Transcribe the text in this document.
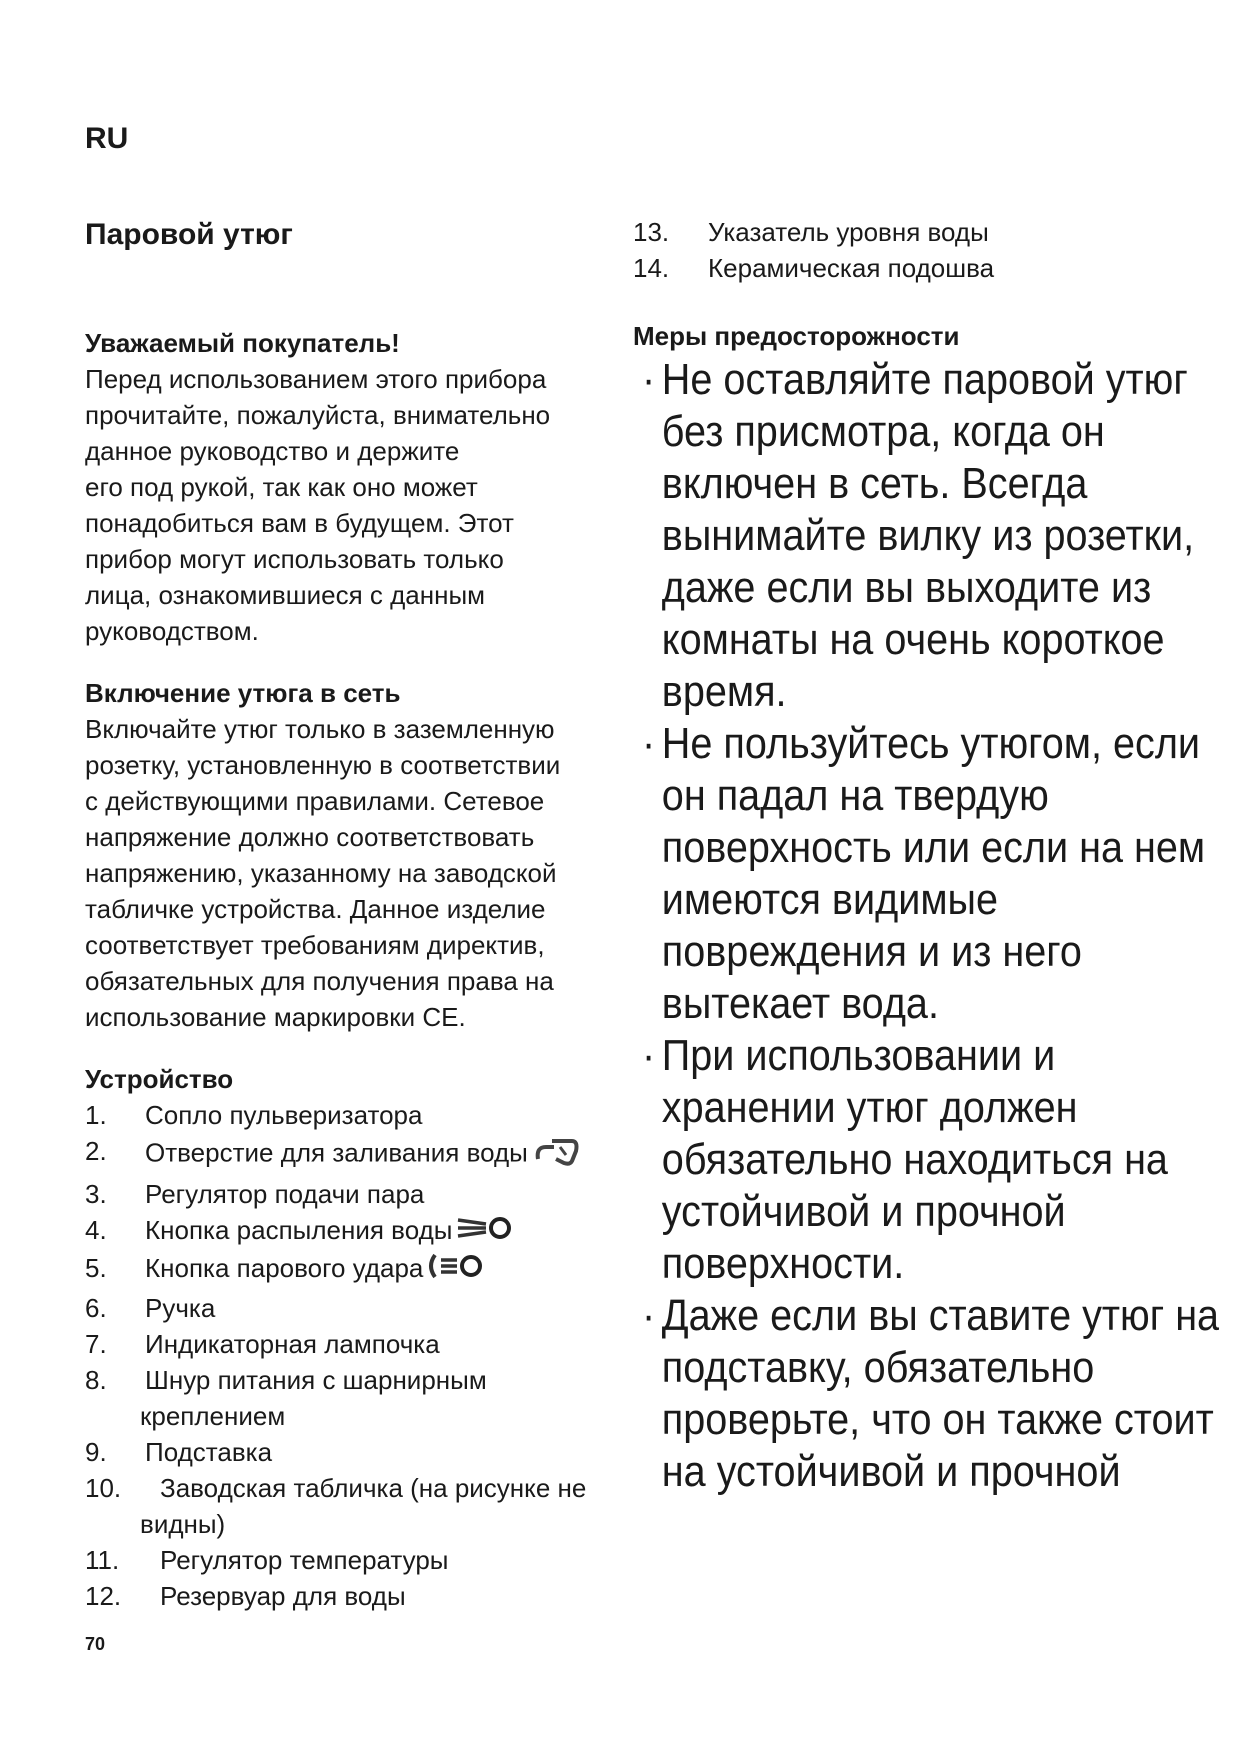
RU
Паровой утюг

Уважаемый покупатель!

Перед использованием этого прибора

прочитайте, пожалуйста, внимательно

данное руководство и держите

его под рукой, так как оно может

понадобиться вам в будущем. Этот

прибор могут использовать только

лица, ознакомившиеся с данным

руководством.

Включение утюга в сеть

Включайте утюг только в заземленную

розетку, установленную в соответствии

с действующими правилами. Сетевое

напряжение должно соответствовать

напряжению, указанному на заводской

табличке устройства. Данное изделие

соответствует требованиям директив,

обязательных для получения права на

использование маркировки CE.

Устройство

1.	Сопло пульверизатора
2.	Отверстие для заливания воды
3.	Регулятор подачи пара
4.	Кнопка распыления воды
5.	Кнопка парового удара
6.	Ручка
7.	Индикаторная лампочка
8.	Шнур питания с шарнирным
креплением
9.	Подставка
10.	Заводская табличка (на рисунке не
видны)
11.	Регулятор температуры
12.	Резервуар для воды
13.	Указатель уровня воды
14.	Керамическая подошва

Меры предосторожности

· Не оставляйте паровой утюг без присмотра, когда он включен в сеть. Всегда вынимайте вилку из розетки, даже если вы выходите из комнаты на очень короткое время.
· Не пользуйтесь утюгом, если он падал на твердую поверхность или если на нем имеются видимые повреждения и из него вытекает вода.
· При использовании и хранении утюг должен обязательно находиться на устойчивой и прочной поверхности.
· Даже если вы ставите утюг на подставку, обязательно проверьте, что он также стоит на устойчивой и прочной
70
